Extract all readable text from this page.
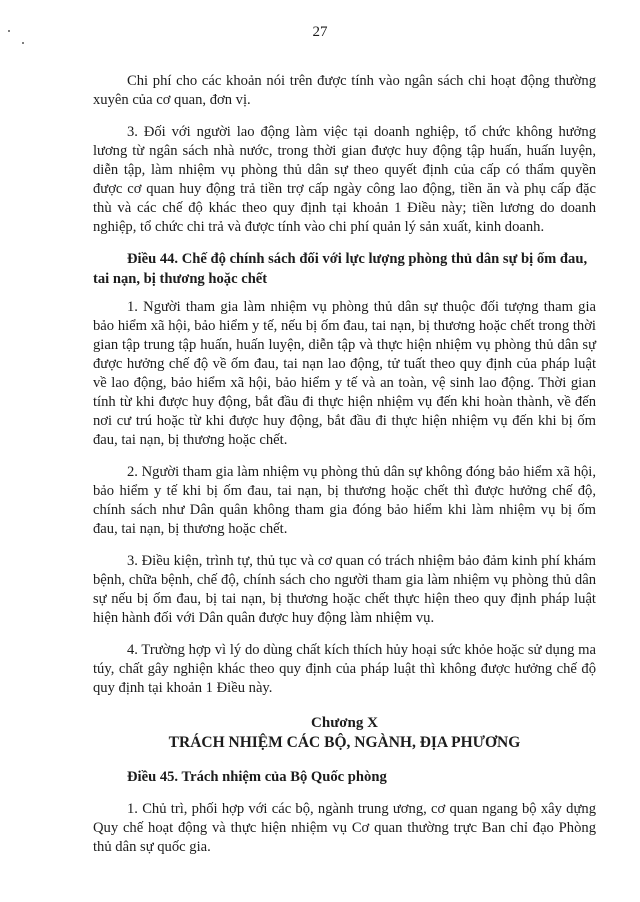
27

Chi phí cho các khoản nói trên được tính vào ngân sách chi hoạt động thường xuyên của cơ quan, đơn vị.

3. Đối với người lao động làm việc tại doanh nghiệp, tổ chức không hưởng lương từ ngân sách nhà nước, trong thời gian được huy động tập huấn, huấn luyện, diễn tập, làm nhiệm vụ phòng thủ dân sự theo quyết định của cấp có thẩm quyền được cơ quan huy động trả tiền trợ cấp ngày công lao động, tiền ăn và phụ cấp đặc thù và các chế độ khác theo quy định tại khoản 1 Điều này; tiền lương do doanh nghiệp, tổ chức chi trả và được tính vào chi phí quản lý sản xuất, kinh doanh.

Điều 44. Chế độ chính sách đối với lực lượng phòng thủ dân sự bị ốm đau, tai nạn, bị thương hoặc chết

1. Người tham gia làm nhiệm vụ phòng thủ dân sự thuộc đối tượng tham gia bảo hiểm xã hội, bảo hiểm y tế, nếu bị ốm đau, tai nạn, bị thương hoặc chết trong thời gian tập trung tập huấn, huấn luyện, diễn tập và thực hiện nhiệm vụ phòng thủ dân sự được hưởng chế độ về ốm đau, tai nạn lao động, tử tuất theo quy định của pháp luật về lao động, bảo hiểm xã hội, bảo hiểm y tế và an toàn, vệ sinh lao động. Thời gian tính từ khi được huy động, bắt đầu đi thực hiện nhiệm vụ đến khi hoàn thành, về đến nơi cư trú hoặc từ khi được huy động, bắt đầu đi thực hiện nhiệm vụ đến khi bị ốm đau, tai nạn, bị thương hoặc chết.

2. Người tham gia làm nhiệm vụ phòng thủ dân sự không đóng bảo hiểm xã hội, bảo hiểm y tế khi bị ốm đau, tai nạn, bị thương hoặc chết thì được hưởng chế độ, chính sách như Dân quân không tham gia đóng bảo hiểm khi làm nhiệm vụ bị ốm đau, tai nạn, bị thương hoặc chết.

3. Điều kiện, trình tự, thủ tục và cơ quan có trách nhiệm bảo đảm kinh phí khám bệnh, chữa bệnh, chế độ, chính sách cho người tham gia làm nhiệm vụ phòng thủ dân sự nếu bị ốm đau, bị tai nạn, bị thương hoặc chết thực hiện theo quy định pháp luật hiện hành đối với Dân quân được huy động làm nhiệm vụ.

4. Trường hợp vì lý do dùng chất kích thích hủy hoại sức khỏe hoặc sử dụng ma túy, chất gây nghiện khác theo quy định của pháp luật thì không được hưởng chế độ quy định tại khoản 1 Điều này.

Chương X
TRÁCH NHIỆM CÁC BỘ, NGÀNH, ĐỊA PHƯƠNG

Điều 45. Trách nhiệm của Bộ Quốc phòng

1. Chủ trì, phối hợp với các bộ, ngành trung ương, cơ quan ngang bộ xây dựng Quy chế hoạt động và thực hiện nhiệm vụ Cơ quan thường trực Ban chỉ đạo Phòng thủ dân sự quốc gia.
